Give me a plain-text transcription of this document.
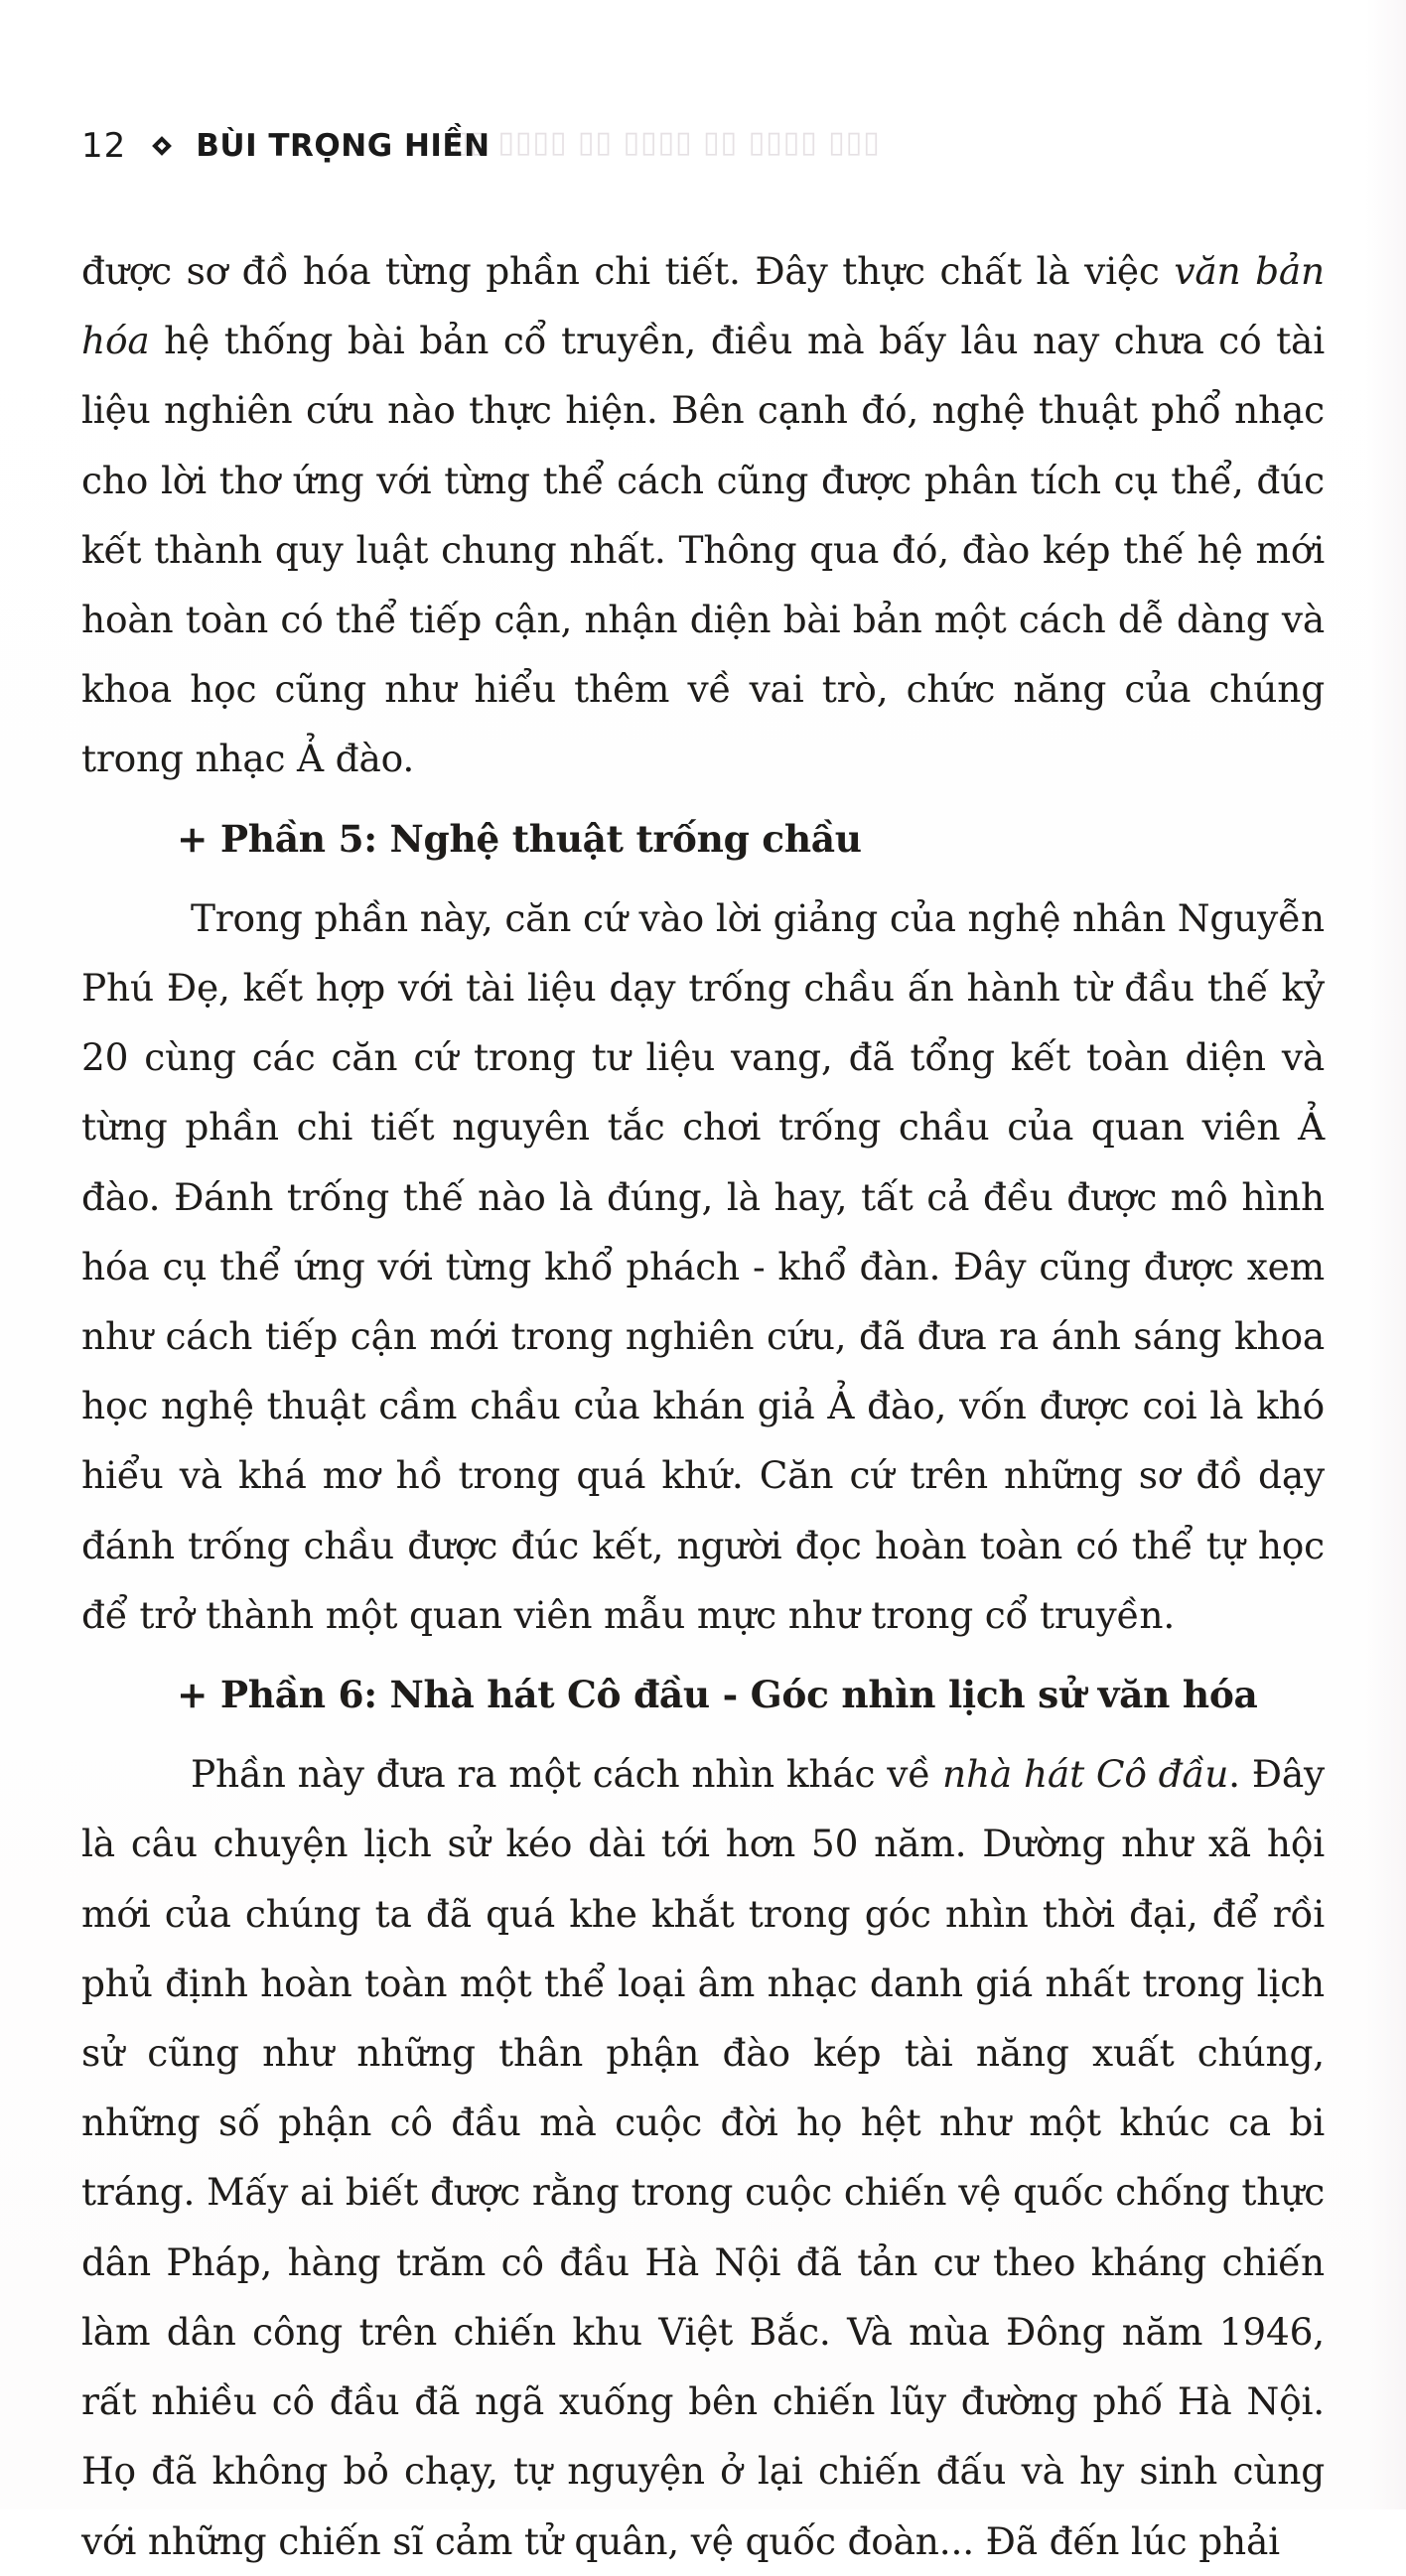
▯▯▯ ▯▯▯▯ ▯▯ ▯▯▯▯ ▯▯ ▯▯▯▯ ▯▯
12 BÙI TRỌNG HIỀN

được sơ đồ hóa từng phần chi tiết. Đây thực chất là việc văn bản hóa hệ thống bài bản cổ truyền, điều mà bấy lâu nay chưa có tài liệu nghiên cứu nào thực hiện. Bên cạnh đó, nghệ thuật phổ nhạc cho lời thơ ứng với từng thể cách cũng được phân tích cụ thể, đúc kết thành quy luật chung nhất. Thông qua đó, đào kép thế hệ mới hoàn toàn có thể tiếp cận, nhận diện bài bản một cách dễ dàng và khoa học cũng như hiểu thêm về vai trò, chức năng của chúng trong nhạc Ả đào.

+ Phần 5: Nghệ thuật trống chầu

Trong phần này, căn cứ vào lời giảng của nghệ nhân Nguyễn Phú Đẹ, kết hợp với tài liệu dạy trống chầu ấn hành từ đầu thế kỷ 20 cùng các căn cứ trong tư liệu vang, đã tổng kết toàn diện và từng phần chi tiết nguyên tắc chơi trống chầu của quan viên Ả đào. Đánh trống thế nào là đúng, là hay, tất cả đều được mô hình hóa cụ thể ứng với từng khổ phách - khổ đàn. Đây cũng được xem như cách tiếp cận mới trong nghiên cứu, đã đưa ra ánh sáng khoa học nghệ thuật cầm chầu của khán giả Ả đào, vốn được coi là khó hiểu và khá mơ hồ trong quá khứ. Căn cứ trên những sơ đồ dạy đánh trống chầu được đúc kết, người đọc hoàn toàn có thể tự học để trở thành một quan viên mẫu mực như trong cổ truyền.

+ Phần 6: Nhà hát Cô đầu - Góc nhìn lịch sử văn hóa

Phần này đưa ra một cách nhìn khác về nhà hát Cô đầu. Đây là câu chuyện lịch sử kéo dài tới hơn 50 năm. Dường như xã hội mới của chúng ta đã quá khe khắt trong góc nhìn thời đại, để rồi phủ định hoàn toàn một thể loại âm nhạc danh giá nhất trong lịch sử cũng như những thân phận đào kép tài năng xuất chúng, những số phận cô đầu mà cuộc đời họ hệt như một khúc ca bi tráng. Mấy ai biết được rằng trong cuộc chiến vệ quốc chống thực dân Pháp, hàng trăm cô đầu Hà Nội đã tản cư theo kháng chiến làm dân công trên chiến khu Việt Bắc. Và mùa Đông năm 1946, rất nhiều cô đầu đã ngã xuống bên chiến lũy đường phố Hà Nội. Họ đã không bỏ chạy, tự nguyện ở lại chiến đấu và hy sinh cùng với những chiến sĩ cảm tử quân, vệ quốc đoàn... Đã đến lúc phải
